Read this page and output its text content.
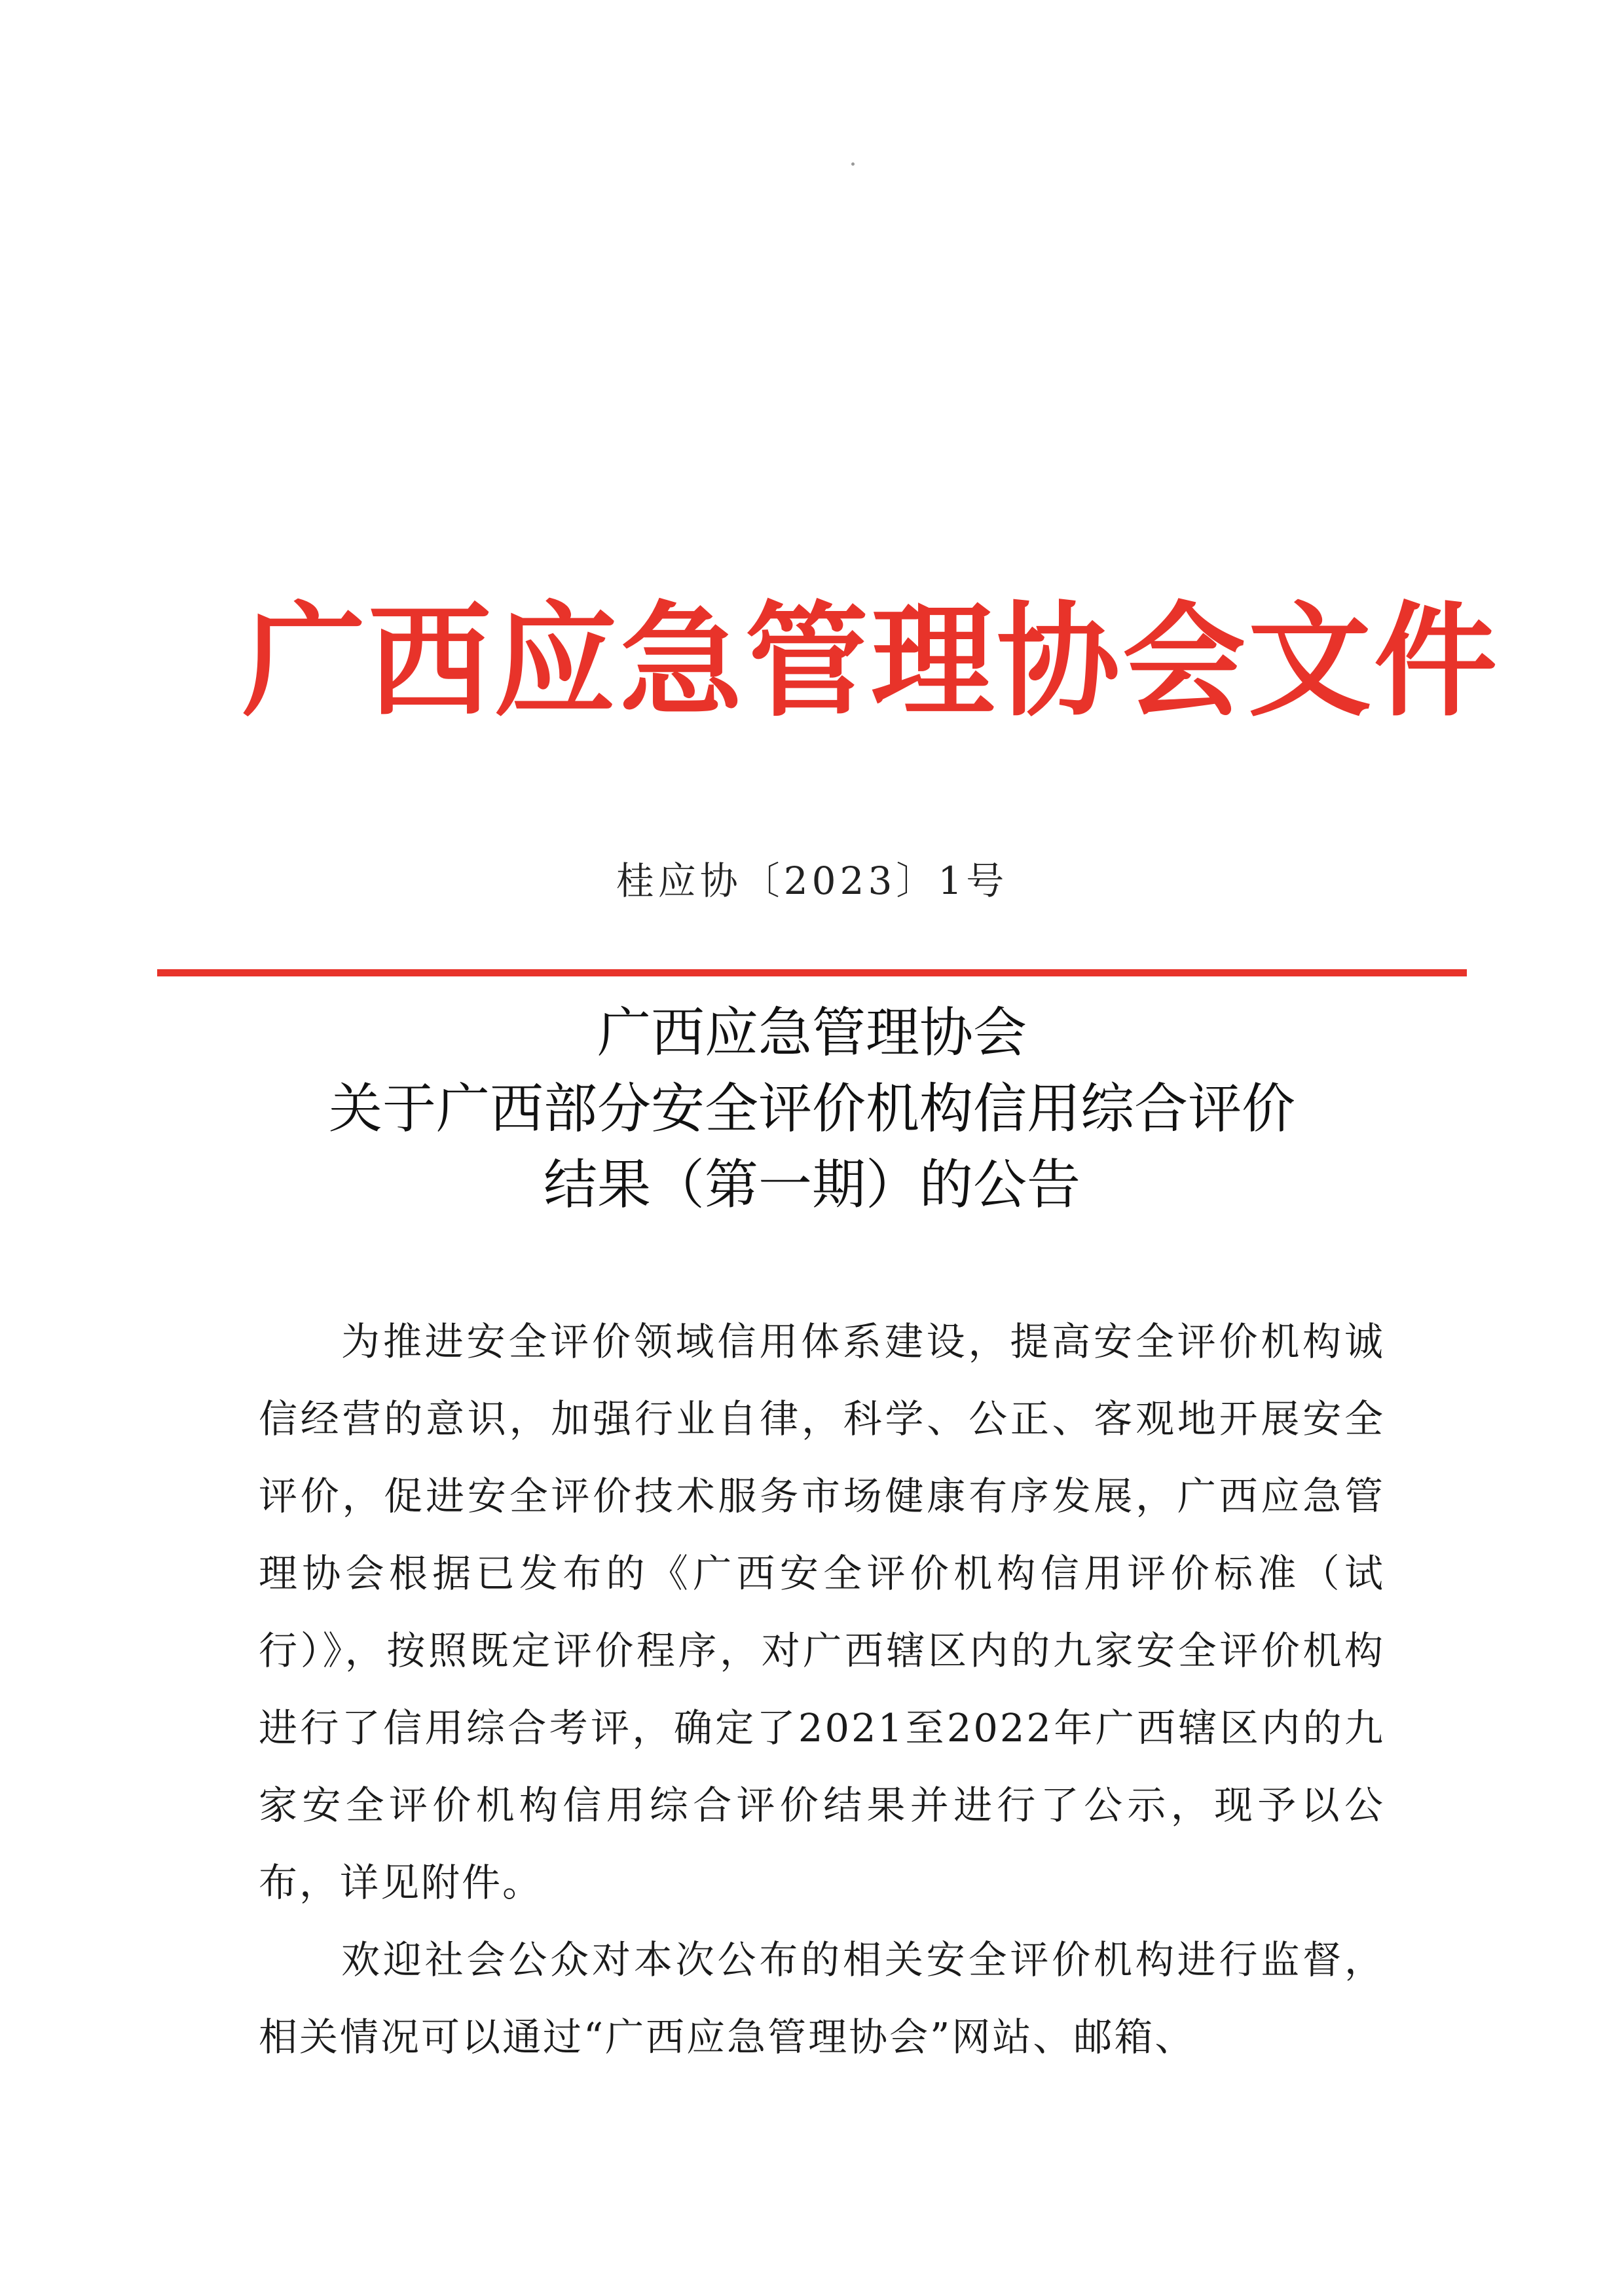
广西应急管理协会文件
桂应协〔2023〕1号
广西应急管理协会
关于广西部分安全评价机构信用综合评价
结果（第一期）的公告

为推进安全评价领域信用体系建设，提高安全评价机构诚信经营的意识，加强行业自律，科学、公正、客观地开展安全评价，促进安全评价技术服务市场健康有序发展，广西应急管理协会根据已发布的《广西安全评价机构信用评价标准（试行）》，按照既定评价程序，对广西辖区内的九家安全评价机构进行了信用综合考评，确定了2021至2022年广西辖区内的九家安全评价机构信用综合评价结果并进行了公示，现予以公布，详见附件。

欢迎社会公众对本次公布的相关安全评价机构进行监督，相关情况可以通过“广西应急管理协会”网站、邮箱、
